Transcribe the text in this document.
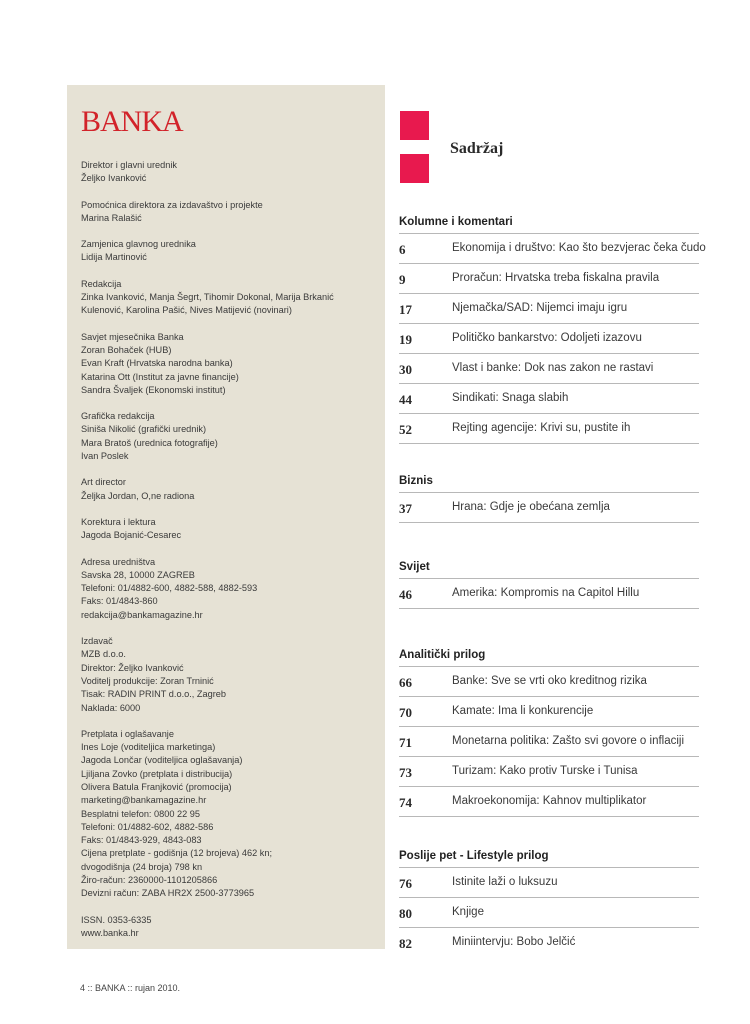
BANKA
Direktor i glavni urednik
Željko Ivanković
Pomoćnica direktora za izdavaštvo i projekte
Marina Ralašić
Zamjenica glavnog urednika
Lidija Martinović
Redakcija
Zinka Ivanković, Manja Šegrt, Tihomir Dokonal, Marija Brkanić
Kulenović, Karolina Pašić, Nives Matijević (novinari)
Savjet mjesečnika Banka
Zoran Bohaček (HUB)
Evan Kraft (Hrvatska narodna banka)
Katarina Ott (Institut za javne financije)
Sandra Švaljek (Ekonomski institut)
Grafička redakcija
Siniša Nikolić (grafički urednik)
Mara Bratoš (urednica fotografije)
Ivan Poslek
Art director
Željka Jordan, O,ne radiona
Korektura i lektura
Jagoda Bojanić-Cesarec
Adresa uredništva
Savska 28, 10000 ZAGREB
Telefoni: 01/4882-600, 4882-588, 4882-593
Faks: 01/4843-860
redakcija@bankamagazine.hr
Izdavač
MZB d.o.o.
Direktor: Željko Ivanković
Voditelj produkcije: Zoran Trninić
Tisak: RADIN PRINT d.o.o., Zagreb
Naklada: 6000
Pretplata i oglašavanje
Ines Loje (voditeljica marketinga)
Jagoda Lončar (voditeljica oglašavanja)
Ljiljana Zovko (pretplata i distribucija)
Olivera Batula Franjković (promocija)
marketing@bankamagazine.hr
Besplatni telefon: 0800 22 95
Telefoni: 01/4882-602, 4882-586
Faks: 01/4843-929, 4843-083
Cijena pretplate - godišnja (12 brojeva) 462 kn;
dvogodišnja (24 broja) 798 kn
Žiro-račun: 2360000-1101205866
Devizni račun: ZABA HR2X 2500-3773965
ISSN. 0353-6335
www.banka.hr
Sadržaj
Kolumne i komentari
6	Ekonomija i društvo: Kao što bezvjerac čeka čudo
9	Proračun: Hrvatska treba fiskalna pravila
17	Njemačka/SAD: Nijemci imaju igru
19	Političko bankarstvo: Odoljeti izazovu
30	Vlast i banke: Dok nas zakon ne rastavi
44	Sindikati: Snaga slabih
52	Rejting agencije: Krivi su, pustite ih
Biznis
37	Hrana: Gdje je obećana zemlja
Svijet
46	Amerika: Kompromis na Capitol Hillu
Analitički prilog
66	Banke: Sve se vrti oko kreditnog rizika
70	Kamate: Ima li konkurencije
71	Monetarna politika: Zašto svi govore o inflaciji
73	Turizam: Kako protiv Turske i Tunisa
74	Makroekonomija: Kahnov multiplikator
Poslije pet - Lifestyle prilog
76	Istinite laži o luksuzu
80	Knjige
82	Miniintervju: Bobo Jelčić
4 :: BANKA :: rujan 2010.
